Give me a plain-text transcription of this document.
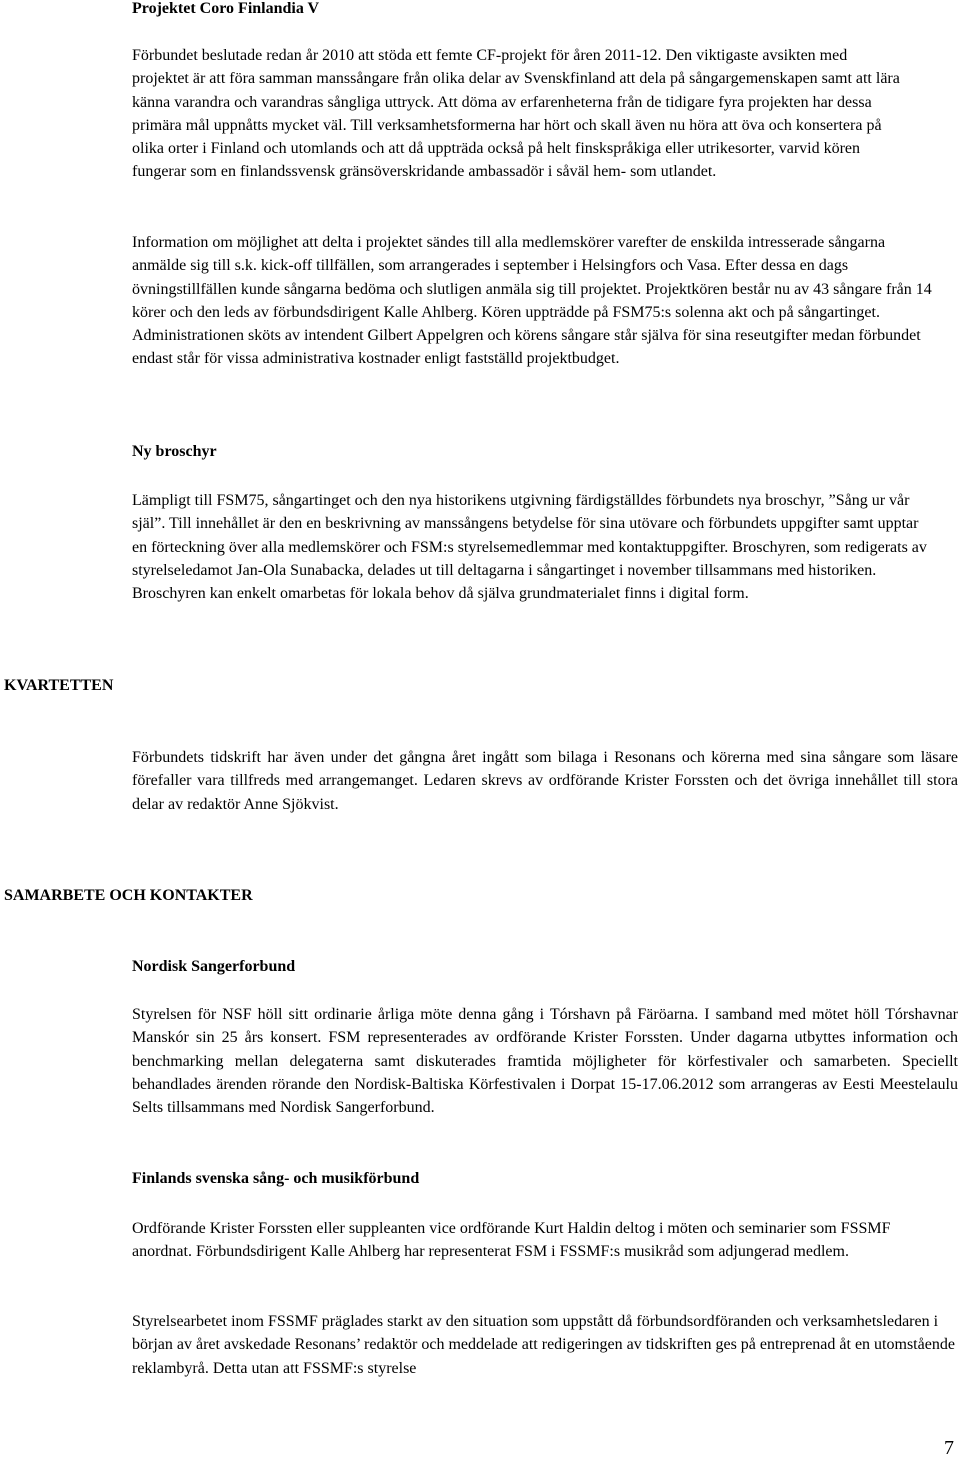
Projektet Coro Finlandia V

Förbundet beslutade redan år 2010 att stöda ett femte CF-projekt för åren 2011-12. Den viktigaste avsikten med projektet är att föra samman manssångare från olika delar av Svenskfinland att dela på sångargemenskapen samt att lära känna varandra och varandras sångliga uttryck. Att döma av erfarenheterna från de tidigare fyra projekten har dessa primära mål uppnåtts mycket väl. Till verksamhetsformerna har hört och skall även nu höra att öva och konsertera på olika orter i Finland och utomlands och att då uppträda också på helt finskspråkiga eller utrikesorter, varvid kören fungerar som en finlandssvensk gränsöverskridande ambassadör i såväl hem- som utlandet.

Information om möjlighet att delta i projektet sändes till alla medlemskörer varefter de enskilda intresserade sångarna anmälde sig till s.k. kick-off tillfällen, som arrangerades i september i Helsingfors och Vasa. Efter dessa en dags övningstillfällen kunde sångarna bedöma och slutligen anmäla sig till projektet. Projektkören består nu av 43 sångare från 14 körer och den leds av förbundsdirigent Kalle Ahlberg. Kören uppträdde på FSM75:s solenna akt och på sångartinget. Administrationen sköts av intendent Gilbert Appelgren och körens sångare står själva för sina reseutgifter medan förbundet endast står för vissa administrativa kostnader enligt fastställd projektbudget.

Ny broschyr

Lämpligt till FSM75, sångartinget och den nya historikens utgivning färdigställdes förbundets nya broschyr, ”Sång ur vår själ”. Till innehållet är den en beskrivning av manssångens betydelse för sina utövare och förbundets uppgifter samt upptar en förteckning över alla medlemskörer och FSM:s styrelsemedlemmar med kontaktuppgifter. Broschyren, som redigerats av styrelseledamot Jan-Ola Sunabacka, delades ut till deltagarna i sångartinget i november tillsammans med historiken. Broschyren kan enkelt omarbetas för lokala behov då själva grundmaterialet finns i digital form.

KVARTETTEN

Förbundets tidskrift har även under det gångna året ingått som bilaga i Resonans och körerna med sina sångare som läsare förefaller vara tillfreds med arrangemanget. Ledaren skrevs av ordförande Krister Forssten och det övriga innehållet till stora delar av redaktör Anne Sjökvist.

SAMARBETE OCH KONTAKTER
Nordisk Sangerforbund

Styrelsen för NSF höll sitt ordinarie årliga möte denna gång i Tórshavn på Färöarna. I samband med mötet höll Tórshavnar Manskór sin 25 års konsert. FSM representerades av ordförande Krister Forssten. Under dagarna utbyttes information och benchmarking mellan delegaterna samt diskuterades framtida möjligheter för körfestivaler och samarbeten. Speciellt behandlades ärenden rörande den Nordisk-Baltiska Körfestivalen i Dorpat 15-17.06.2012 som arrangeras av Eesti Meestelaulu Selts tillsammans med Nordisk Sangerforbund.

Finlands svenska sång- och musikförbund

Ordförande Krister Forssten eller suppleanten vice ordförande Kurt Haldin deltog i möten och seminarier som FSSMF anordnat. Förbundsdirigent Kalle Ahlberg har representerat FSM i FSSMF:s musikråd som adjungerad medlem.

Styrelsearbetet inom FSSMF präglades starkt av den situation som uppstått då förbundsordföranden och verksamhetsledaren i början av året avskedade Resonans’ redaktör och meddelade att redigeringen av tidskriften ges på entreprenad åt en utomstående reklambyrå. Detta utan att FSSMF:s styrelse

7
